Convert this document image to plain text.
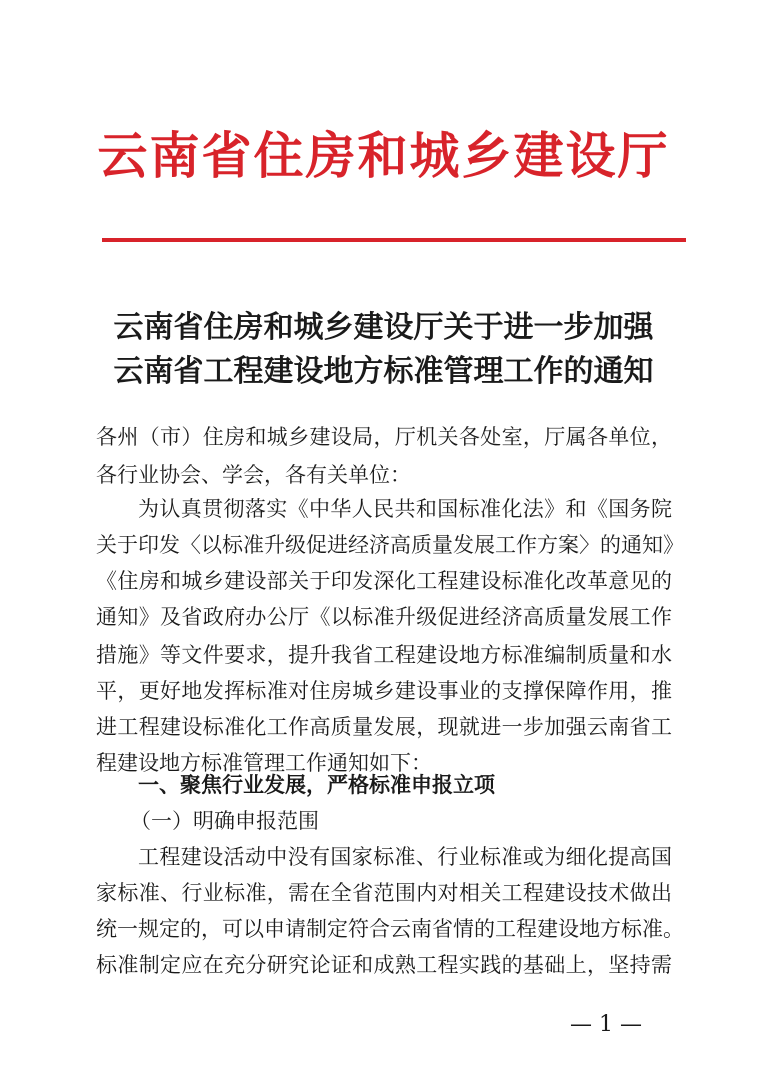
云南省住房和城乡建设厅
云南省住房和城乡建设厅关于进一步加强
云南省工程建设地方标准管理工作的通知
各州（市）住房和城乡建设局，厅机关各处室，厅属各单位，
各行业协会、学会，各有关单位：
为认真贯彻落实《中华人民共和国标准化法》和《国务院
关于印发〈以标准升级促进经济高质量发展工作方案〉的通知》
《住房和城乡建设部关于印发深化工程建设标准化改革意见的
通知》及省政府办公厅《以标准升级促进经济高质量发展工作
措施》等文件要求，提升我省工程建设地方标准编制质量和水
平，更好地发挥标准对住房城乡建设事业的支撑保障作用，推
进工程建设标准化工作高质量发展，现就进一步加强云南省工
程建设地方标准管理工作通知如下：
一、聚焦行业发展，严格标准申报立项
（一）明确申报范围
工程建设活动中没有国家标准、行业标准或为细化提高国
家标准、行业标准，需在全省范围内对相关工程建设技术做出
统一规定的，可以申请制定符合云南省情的工程建设地方标准。
标准制定应在充分研究论证和成熟工程实践的基础上，坚持需
— 1 —
